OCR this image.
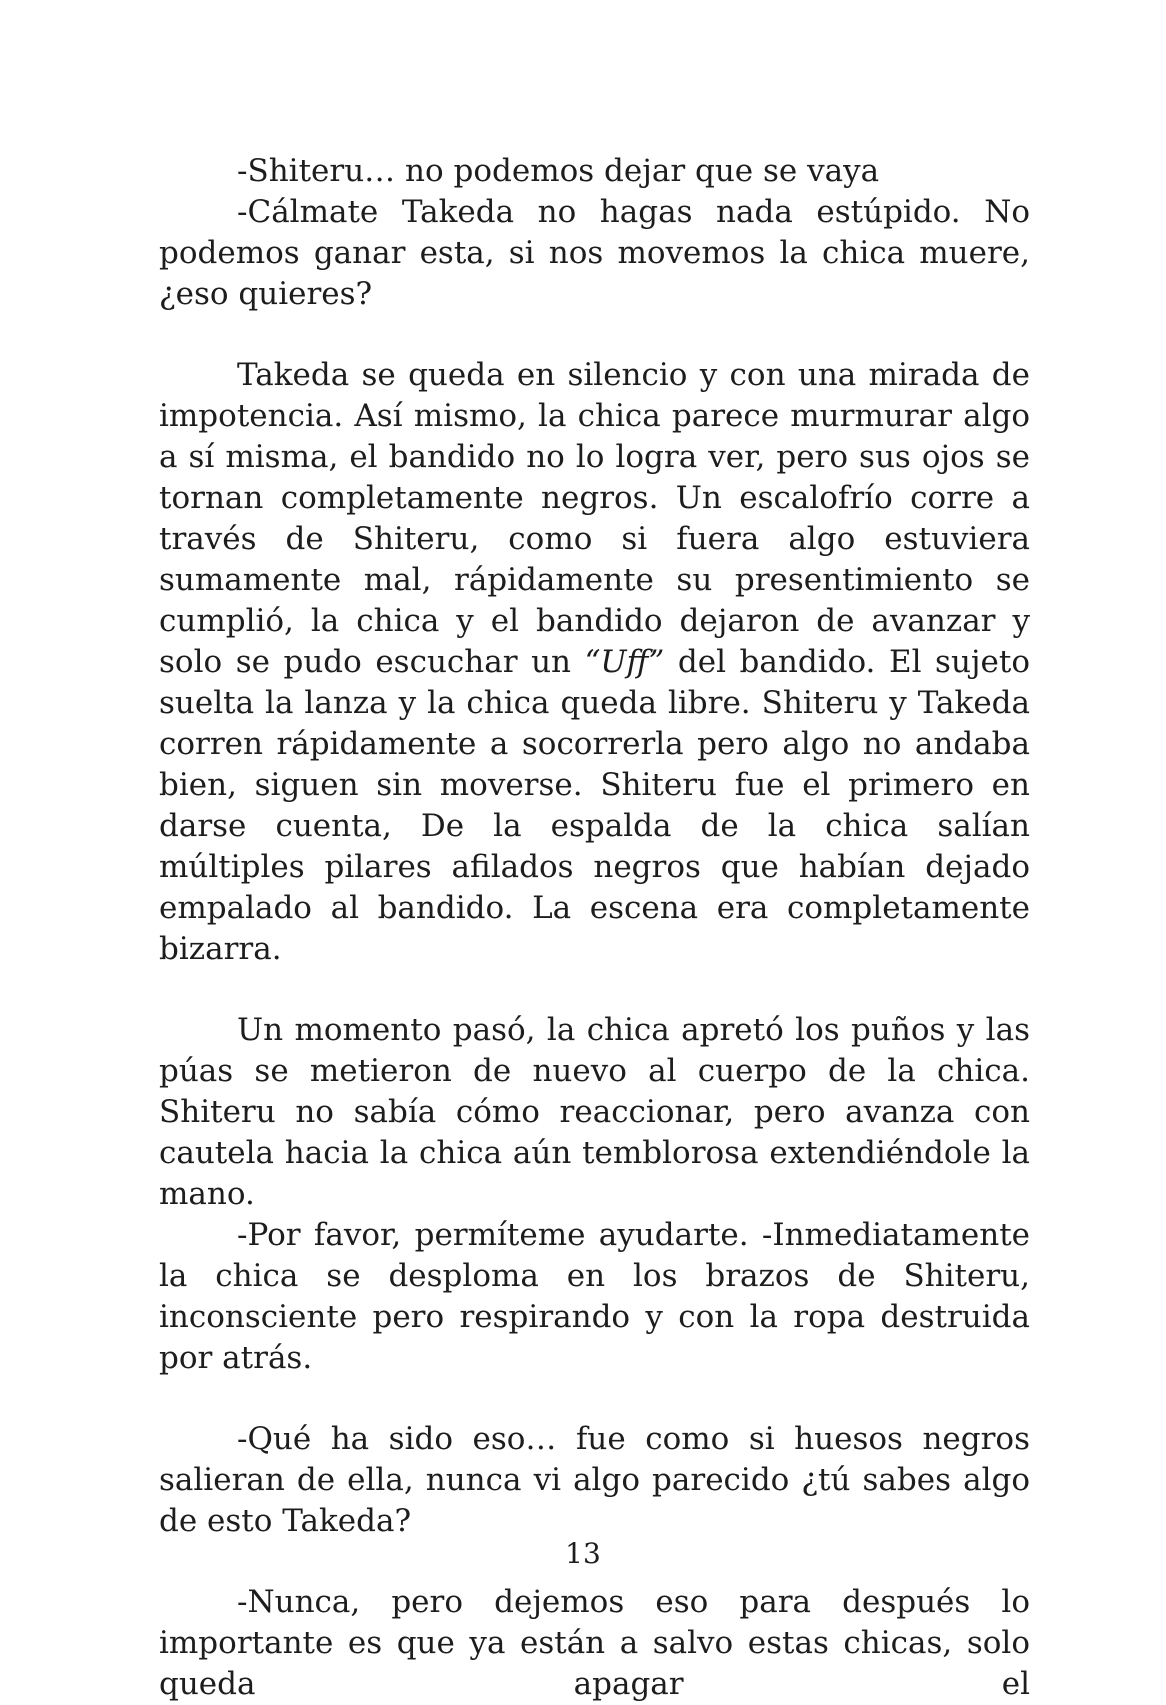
-Shiteru… no podemos dejar que se vaya

-Cálmate Takeda no hagas nada estúpido. No podemos ganar esta, si nos movemos la chica muere, ¿eso quieres?

Takeda se queda en silencio y con una mirada de impotencia. Así mismo, la chica parece murmurar algo a sí misma, el bandido no lo logra ver, pero sus ojos se tornan completamente negros. Un escalofrío corre a través de Shiteru, como si fuera algo estuviera sumamente mal, rápidamente su presentimiento se cumplió, la chica y el bandido dejaron de avanzar y solo se pudo escuchar un “Uff” del bandido. El sujeto suelta la lanza y la chica queda libre. Shiteru y Takeda corren rápidamente a socorrerla pero algo no andaba bien, siguen sin moverse. Shiteru fue el primero en darse cuenta, De la espalda de la chica salían múltiples pilares afilados negros que habían dejado empalado al bandido. La escena era completamente bizarra.

Un momento pasó, la chica apretó los puños y las púas se metieron de nuevo al cuerpo de la chica. Shiteru no sabía cómo reaccionar, pero avanza con cautela hacia la chica aún temblorosa extendiéndole la mano.

-Por favor, permíteme ayudarte. -Inmediatamente la chica se desploma en los brazos de Shiteru, inconsciente pero respirando y con la ropa destruida por atrás.

-Qué ha sido eso… fue como si huesos negros salieran de ella, nunca vi algo parecido ¿tú sabes algo de esto Takeda?

-Nunca, pero dejemos eso para después lo importante es que ya están a salvo estas chicas, solo queda apagar el

13
